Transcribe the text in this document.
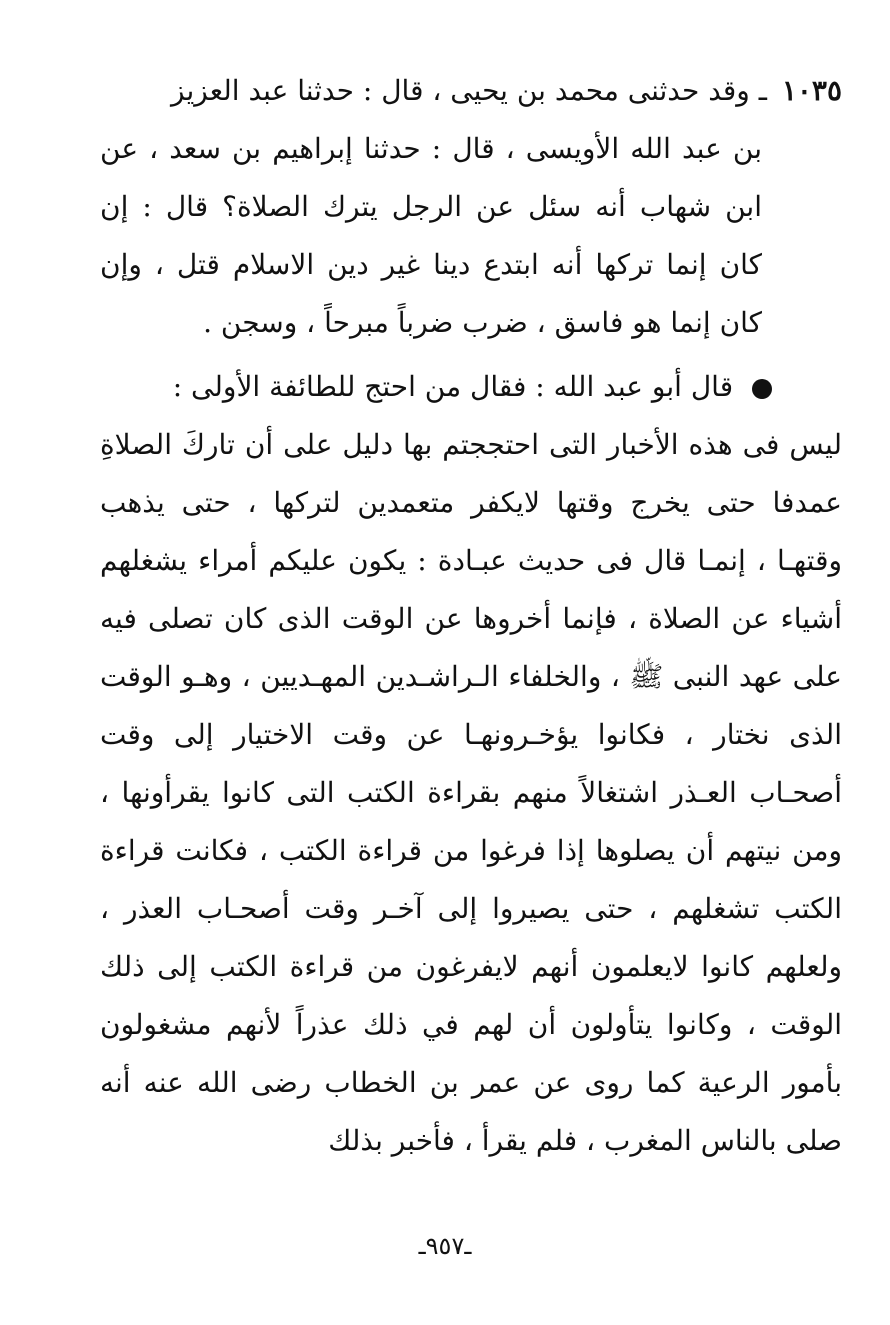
١٠٣٥ ـ وقد حدثنى محمد بن يحيى ، قال : حدثنا عبد العزيز
بن عبد الله الأويسى ، قال : حدثنا إبراهيم بن سعد ، عن ابن شهاب أنه سئل عن الرجل يترك الصلاة؟ قال : إن كان إنما تركها أنه ابتدع دينا غير دين الاسلام قتل ، وإن كان إنما هو فاسق ، ضرب ضرباً مبرحاً ، وسجن .

قال أبو عبد الله : فقال من احتج للطائفة الأولى :
ليس فى هذه الأخبار التى احتججتم بها دليل على أن تاركَ الصلاةِ عمدفا حتى يخرج وقتها لايكفر متعمدين لتركها ، حتى يذهب وقتهـا ، إنمـا قال فى حديث عبـادة : يكون عليكم أمراء يشغلهم أشياء عن الصلاة ، فإنما أخروها عن الوقت الذى كان تصلى فيه على عهد النبى ﷺ ، والخلفاء الـراشـدين المهـديين ، وهـو الوقت الذى نختار ، فكانوا يؤخـرونهـا عن وقت الاختيار إلى وقت أصحـاب العـذر اشتغالاً منهم بقراءة الكتب التى كانوا يقرأونها ، ومن نيتهم أن يصلوها إذا فرغوا من قراءة الكتب ، فكانت قراءة الكتب تشغلهم ، حتى يصيروا إلى آخـر وقت أصحـاب العذر ، ولعلهم كانوا لايعلمون أنهم لايفرغون من قراءة الكتب إلى ذلك الوقت ، وكانوا يتأولون أن لهم في ذلك عذراً لأنهم مشغولون بأمور الرعية كما روى عن عمر بن الخطاب رضى الله عنه أنه صلى بالناس المغرب ، فلم يقرأ ، فأخبر بذلك

ـ٩٥٧ـ
